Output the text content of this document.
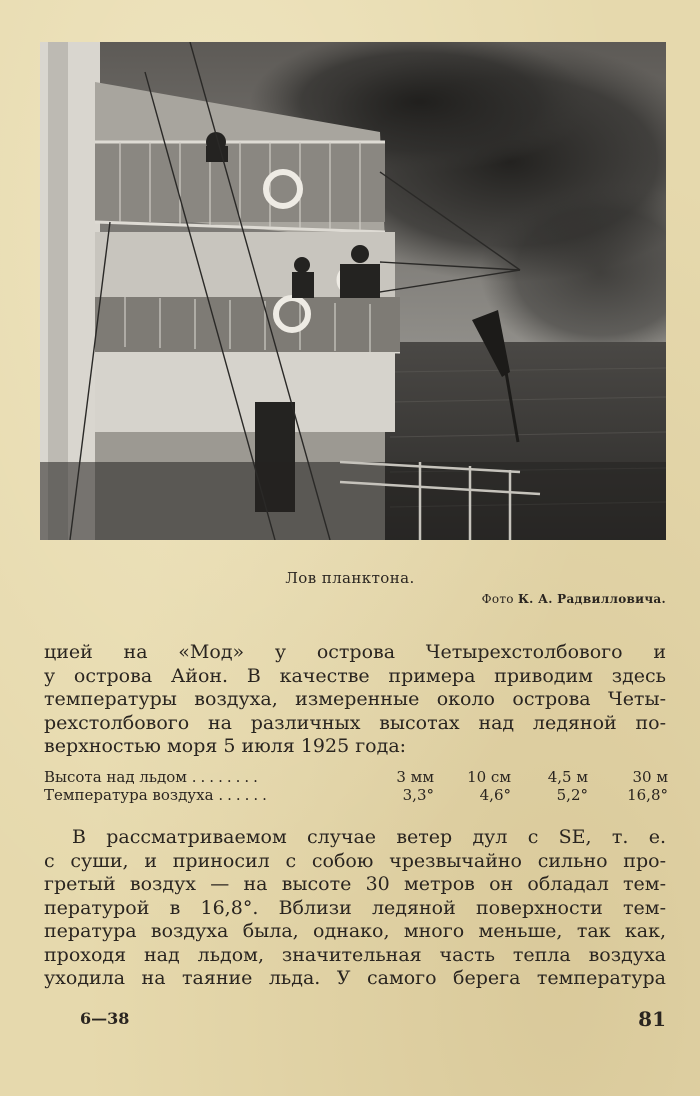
Лов планктона.
Фото К. А. Радвилловича.
цией на «Мод» у острова Четырехстолбового и
у острова Айон. В качестве примера приводим здесь
температуры воздуха, измеренные около острова Четы-
рехстолбового на различных высотах над ледяной по-
верхностью моря 5 июля 1925 года:
Высота над льдом ........	3 мм	10 см	4,5 м	30 м
Температура воздуха ......	3,3°	4,6°	5,2°	16,8°
В рассматриваемом случае ветер дул с SE, т. е.
с суши, и приносил с собою чрезвычайно сильно про-
гретый воздух — на высоте 30 метров он обладал тем-
пературой в 16,8°. Вблизи ледяной поверхности тем-
пература воздуха была, однако, много меньше, так как,
проходя над льдом, значительная часть тепла воздуха
уходила на таяние льда. У самого берега температура
6—38	81
